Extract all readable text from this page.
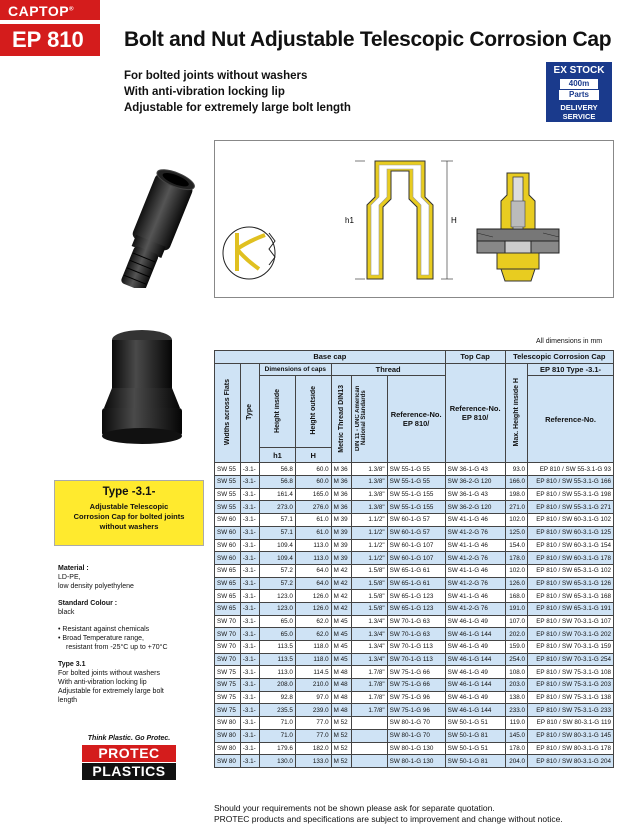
CAPTOP®
EP 810	Bolt and Nut Adjustable Telescopic Corrosion Cap
For bolted joints without washers
With anti-vibration locking lip
Adjustable for extremely large bolt length
EX STOCK
400m
Parts
DELIVERY SERVICE
H
h1
All dimensions in mm
Base cap							Top Cap	Telescopic Corrosion Cap	
Widths across Flats	Type	Dimensions of caps		Thread			Reference-No. EP 810/	Max. Height inside H	EP 810 Type -3.1-
		Height inside	Height outside	Metric Thread DIN13	DIN 11 - UNC American National Standards	Reference-No. EP 810/			Reference-No.
		h1	H						
SW 55	-3.1-	56.8	60.0	M 36	1.3/8"	SW 55-1-G 55	SW 36-1-G 43	93.0	EP 810 / SW 55-3.1-G 93
SW 55	-3.1-	56.8	60.0	M 36	1.3/8"	SW 55-1-G 55	SW 36-2-G 120	166.0	EP 810 / SW 55-3.1-G 166
SW 55	-3.1-	161.4	165.0	M 36	1.3/8"	SW 55-1-G 155	SW 36-1-G 43	198.0	EP 810 / SW 55-3.1-G 198
SW 55	-3.1-	273.0	276.0	M 36	1.3/8"	SW 55-1-G 155	SW 36-2-G 120	271.0	EP 810 / SW 55-3.1-G 271
SW 60	-3.1-	57.1	61.0	M 39	1.1/2"	SW 60-1-G 57	SW 41-1-G 46	102.0	EP 810 / SW 60-3.1-G 102
SW 60	-3.1-	57.1	61.0	M 39	1.1/2"	SW 60-1-G 57	SW 41-2-G 76	125.0	EP 810 / SW 60-3.1-G 125
SW 60	-3.1-	109.4	113.0	M 39	1.1/2"	SW 60-1-G 107	SW 41-1-G 46	154.0	EP 810 / SW 60-3.1-G 154
SW 60	-3.1-	109.4	113.0	M 39	1.1/2"	SW 60-1-G 107	SW 41-2-G 76	178.0	EP 810 / SW 60-3.1-G 178
SW 65	-3.1-	57.2	64.0	M 42	1.5/8"	SW 65-1-G 61	SW 41-1-G 46	102.0	EP 810 / SW 65-3.1-G 102
SW 65	-3.1-	57.2	64.0	M 42	1.5/8"	SW 65-1-G 61	SW 41-2-G 76	126.0	EP 810 / SW 65-3.1-G 126
SW 65	-3.1-	123.0	126.0	M 42	1.5/8"	SW 65-1-G 123	SW 41-1-G 46	168.0	EP 810 / SW 65-3.1-G 168
SW 65	-3.1-	123.0	126.0	M 42	1.5/8"	SW 65-1-G 123	SW 41-2-G 76	191.0	EP 810 / SW 65-3.1-G 191
SW 70	-3.1-	65.0	62.0	M 45	1.3/4"	SW 70-1-G 63	SW 46-1-G 49	107.0	EP 810 / SW 70-3.1-G 107
SW 70	-3.1-	65.0	62.0	M 45	1.3/4"	SW 70-1-G 63	SW 46-1-G 144	202.0	EP 810 / SW 70-3.1-G 202
SW 70	-3.1-	113.5	118.0	M 45	1.3/4"	SW 70-1-G 113	SW 46-1-G 49	159.0	EP 810 / SW 70-3.1-G 159
SW 70	-3.1-	113.5	118.0	M 45	1.3/4"	SW 70-1-G 113	SW 46-1-G 144	254.0	EP 810 / SW 70-3.1-G 254
SW 75	-3.1-	113.0	114.5	M 48	1.7/8"	SW 75-1-G 66	SW 46-1-G 49	108.0	EP 810 / SW 75-3.1-G 108
SW 75	-3.1-	208.0	210.0	M 48	1.7/8"	SW 75-1-G 66	SW 46-1-G 144	203.0	EP 810 / SW 75-3.1-G 203
SW 75	-3.1-	92.8	97.0	M 48	1.7/8"	SW 75-1-G 96	SW 46-1-G 49	138.0	EP 810 / SW 75-3.1-G 138
SW 75	-3.1-	235.5	239.0	M 48	1.7/8"	SW 75-1-G 96	SW 46-1-G 144	233.0	EP 810 / SW 75-3.1-G 233
SW 80	-3.1-	71.0	77.0	M 52		SW 80-1-G 70	SW 50-1-G 51	119.0	EP 810 / SW 80-3.1-G 119
SW 80	-3.1-	71.0	77.0	M 52		SW 80-1-G 70	SW 50-1-G 81	145.0	EP 810 / SW 80-3.1-G 145
SW 80	-3.1-	179.6	182.0	M 52		SW 80-1-G 130	SW 50-1-G 51	178.0	EP 810 / SW 80-3.1-G 178
SW 80	-3.1-	130.0	133.0	M 52		SW 80-1-G 130	SW 50-1-G 81	204.0	EP 810 / SW 80-3.1-G 204
Type -3.1-
Adjustable Telescopic
Corrosion Cap for bolted joints
without washers
Material :
LD-PE,
low density polyethylene
Standard Colour :
black
• Resistant against chemicals
• Broad Temperature range,
resistant from -25°C up to +70°C
Type 3.1
For bolted joints without washers
With anti-vibration locking lip
Adjustable for extremely large bolt
length
Think Plastic. Go Protec.
PROTEC
PLASTICS
Should your requirements not be shown please ask for separate quotation.
PROTEC products and specifications are subject to improvement and change without notice.
